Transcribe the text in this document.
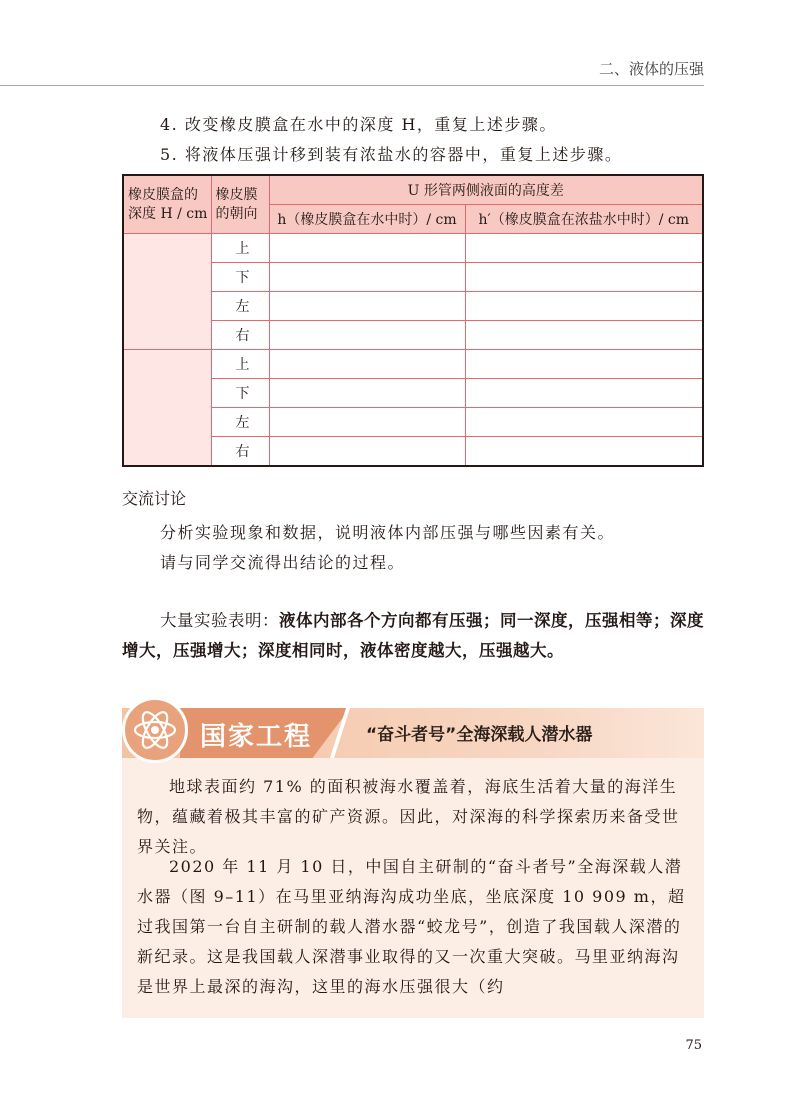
二、液体的压强
4. 改变橡皮膜盒在水中的深度 H，重复上述步骤。
5. 将液体压强计移到装有浓盐水的容器中，重复上述步骤。
橡皮膜盒的深度 H / cm	橡皮膜的朝向	U 形管两侧液面的高度差	
		h（橡皮膜盒在水中时）/ cm	h′（橡皮膜盒在浓盐水中时）/ cm
	上		
	下		
	左		
	右		
	上		
	下		
	左		
	右		
交流讨论
分析实验现象和数据，说明液体内部压强与哪些因素有关。
请与同学交流得出结论的过程。
大量实验表明：液体内部各个方向都有压强；同一深度，压强相等；深度增大，压强增大；深度相同时，液体密度越大，压强越大。
国家工程	“奋斗者号”全海深载人潜水器

地球表面约 71% 的面积被海水覆盖着，海底生活着大量的海洋生物，蕴藏着极其丰富的矿产资源。因此，对深海的科学探索历来备受世界关注。

2020 年 11 月 10 日，中国自主研制的“奋斗者号”全海深载人潜水器（图 9–11）在马里亚纳海沟成功坐底，坐底深度 10 909 m，超过我国第一台自主研制的载人潜水器“蛟龙号”，创造了我国载人深潜的新纪录。这是我国载人深潜事业取得的又一次重大突破。马里亚纳海沟是世界上最深的海沟，这里的海水压强很大（约

75
